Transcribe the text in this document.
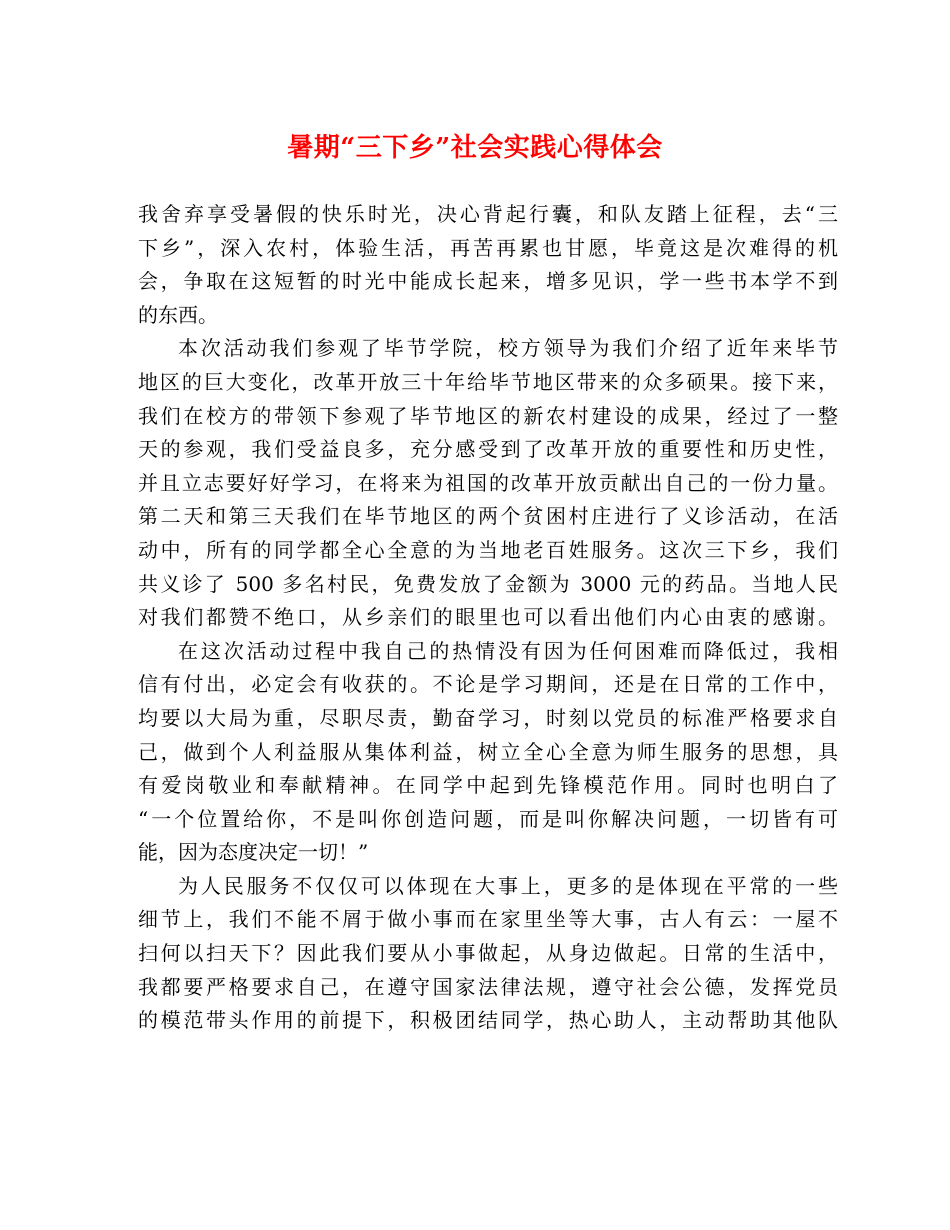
暑期“三下乡”社会实践心得体会
我舍弃享受暑假的快乐时光，决心背起行囊，和队友踏上征程，去“三
下乡”，深入农村，体验生活，再苦再累也甘愿，毕竟这是次难得的机
会，争取在这短暂的时光中能成长起来，增多见识，学一些书本学不到
的东西。
本次活动我们参观了毕节学院，校方领导为我们介绍了近年来毕节
地区的巨大变化，改革开放三十年给毕节地区带来的众多硕果。接下来，
我们在校方的带领下参观了毕节地区的新农村建设的成果，经过了一整
天的参观，我们受益良多，充分感受到了改革开放的重要性和历史性，
并且立志要好好学习，在将来为祖国的改革开放贡献出自己的一份力量。
第二天和第三天我们在毕节地区的两个贫困村庄进行了义诊活动，在活
动中，所有的同学都全心全意的为当地老百姓服务。这次三下乡，我们
共义诊了 500 多名村民，免费发放了金额为 3000 元的药品。当地人民
对我们都赞不绝口，从乡亲们的眼里也可以看出他们内心由衷的感谢。
在这次活动过程中我自己的热情没有因为任何困难而降低过，我相
信有付出，必定会有收获的。不论是学习期间，还是在日常的工作中，
均要以大局为重，尽职尽责，勤奋学习，时刻以党员的标准严格要求自
己，做到个人利益服从集体利益，树立全心全意为师生服务的思想，具
有爱岗敬业和奉献精神。在同学中起到先锋模范作用。同时也明白了
“一个位置给你，不是叫你创造问题，而是叫你解决问题，一切皆有可
能，因为态度决定一切！”
为人民服务不仅仅可以体现在大事上，更多的是体现在平常的一些
细节上，我们不能不屑于做小事而在家里坐等大事，古人有云：一屋不
扫何以扫天下？因此我们要从小事做起，从身边做起。日常的生活中，
我都要严格要求自己，在遵守国家法律法规，遵守社会公德，发挥党员
的模范带头作用的前提下，积极团结同学，热心助人，主动帮助其他队
